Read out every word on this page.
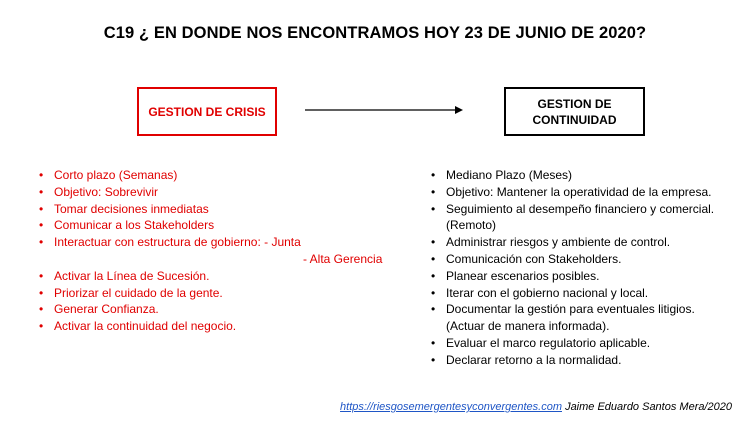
C19 ¿ EN DONDE NOS ENCONTRAMOS HOY 23 DE JUNIO DE 2020?
GESTION DE CRISIS
GESTION DE
CONTINUIDAD
• Corto plazo (Semanas)
• Objetivo: Sobrevivir
• Tomar decisiones inmediatas
• Comunicar a los Stakeholders
• Interactuar con estructura de gobierno: - Junta
- Alta Gerencia
• Activar la Línea de Sucesión.
• Priorizar el cuidado de la gente.
• Generar Confianza.
• Activar la continuidad del negocio.
• Mediano Plazo (Meses)
• Objetivo: Mantener la operatividad de la empresa.
• Seguimiento al desempeño financiero y comercial. (Remoto)
• Administrar riesgos y ambiente de control.
• Comunicación con Stakeholders.
• Planear escenarios posibles.
• Iterar con el gobierno nacional y local.
• Documentar la gestión para eventuales litigios. (Actuar de manera informada).
• Evaluar el marco regulatorio aplicable.
• Declarar retorno a la normalidad.
https://riesgosemergentesyconvergentes.com Jaime Eduardo Santos Mera/2020
